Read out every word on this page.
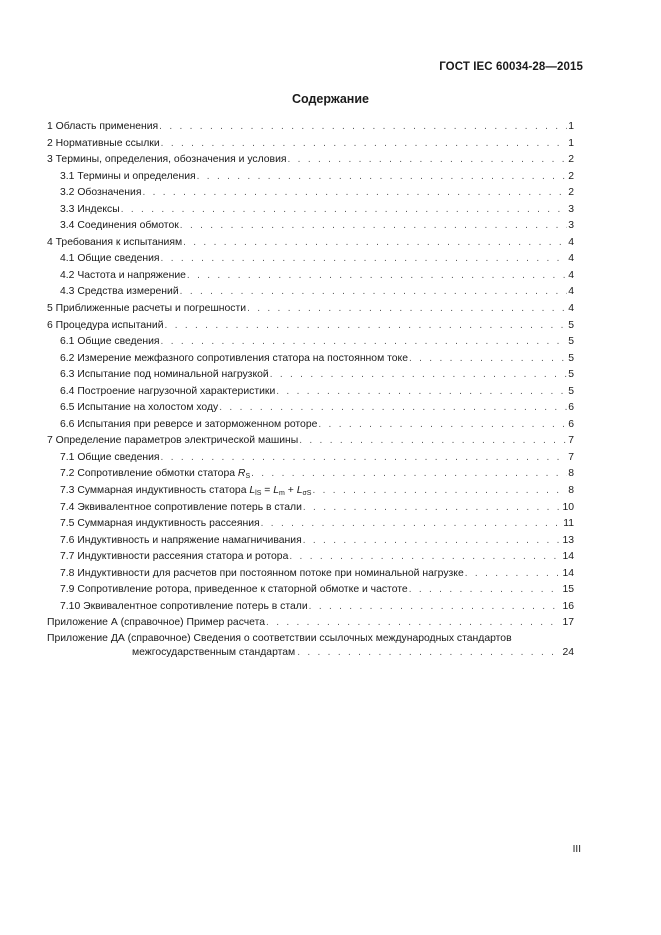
ГОСТ IEC 60034-28—2015
Содержание
1 Область применения . . .	1
2 Нормативные ссылки . . .	1
3 Термины, определения, обозначения и условия . . .	2
3.1 Термины и определения . . .	2
3.2 Обозначения . . .	2
3.3 Индексы . . .	3
3.4 Соединения обмоток . . .	3
4 Требования к испытаниям . . .	4
4.1 Общие сведения . . .	4
4.2 Частота и напряжение . . .	4
4.3 Средства измерений . . .	4
5 Приближенные расчеты и погрешности . . .	4
6 Процедура испытаний . . .	5
6.1 Общие сведения . . .	5
6.2 Измерение межфазного сопротивления статора на постоянном токе . . .	5
6.3 Испытание под номинальной нагрузкой . . .	5
6.4 Построение нагрузочной характеристики . . .	5
6.5 Испытание на холостом ходу . . .	6
6.6 Испытания при реверсе и заторможенном роторе . . .	6
7 Определение параметров электрической машины . . .	7
7.1 Общие сведения . . .	7
7.2 Сопротивление обмотки статора $R_S$ . . .	8
7.3 Суммарная индуктивность статора $L_{lS} = L_m + L_{\sigma S}$ . . .	8
7.4 Эквивалентное сопротивление потерь в стали . . .	10
7.5 Суммарная индуктивность рассеяния . . .	11
7.6 Индуктивность и напряжение намагничивания . . .	13
7.7 Индуктивности рассеяния статора и ротора . . .	14
7.8 Индуктивности для расчетов при постоянном потоке при номинальной нагрузке . . .	14
7.9 Сопротивление ротора, приведенное к статорной обмотке и частоте . . .	15
7.10 Эквивалентное сопротивление потерь в стали . . .	16
Приложение А (справочное) Пример расчета . . .	17
Приложение ДА (справочное) Сведения о соответствии ссылочных международных стандартов
межгосударственным стандартам . . .	24
III
